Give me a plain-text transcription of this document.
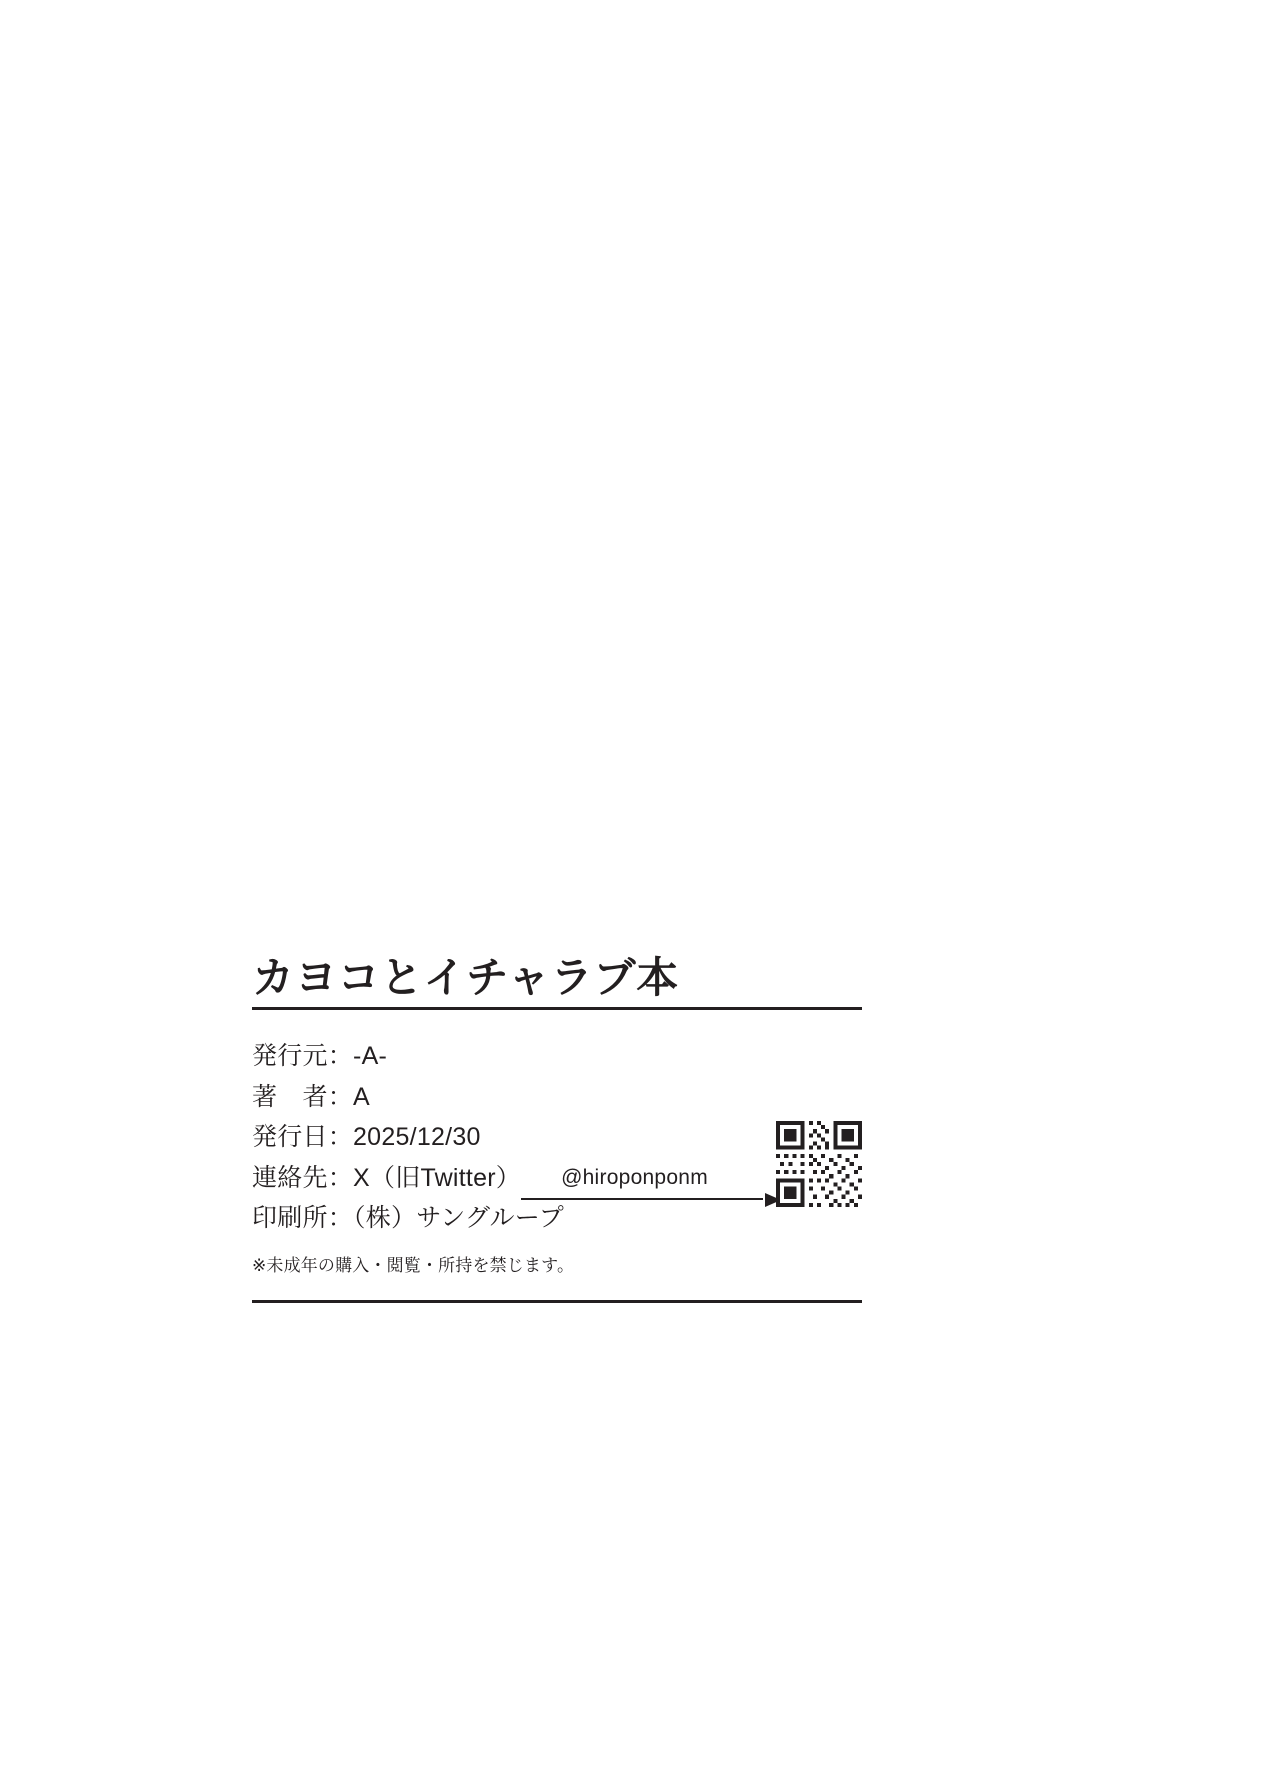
カヨコとイチャラブ本
発行元：-A-
著　者：A
発行日：2025/12/30
連絡先：X（旧Twitter） @hiroponponm
印刷所：（株）サングループ
※未成年の購入・閲覧・所持を禁じます。
